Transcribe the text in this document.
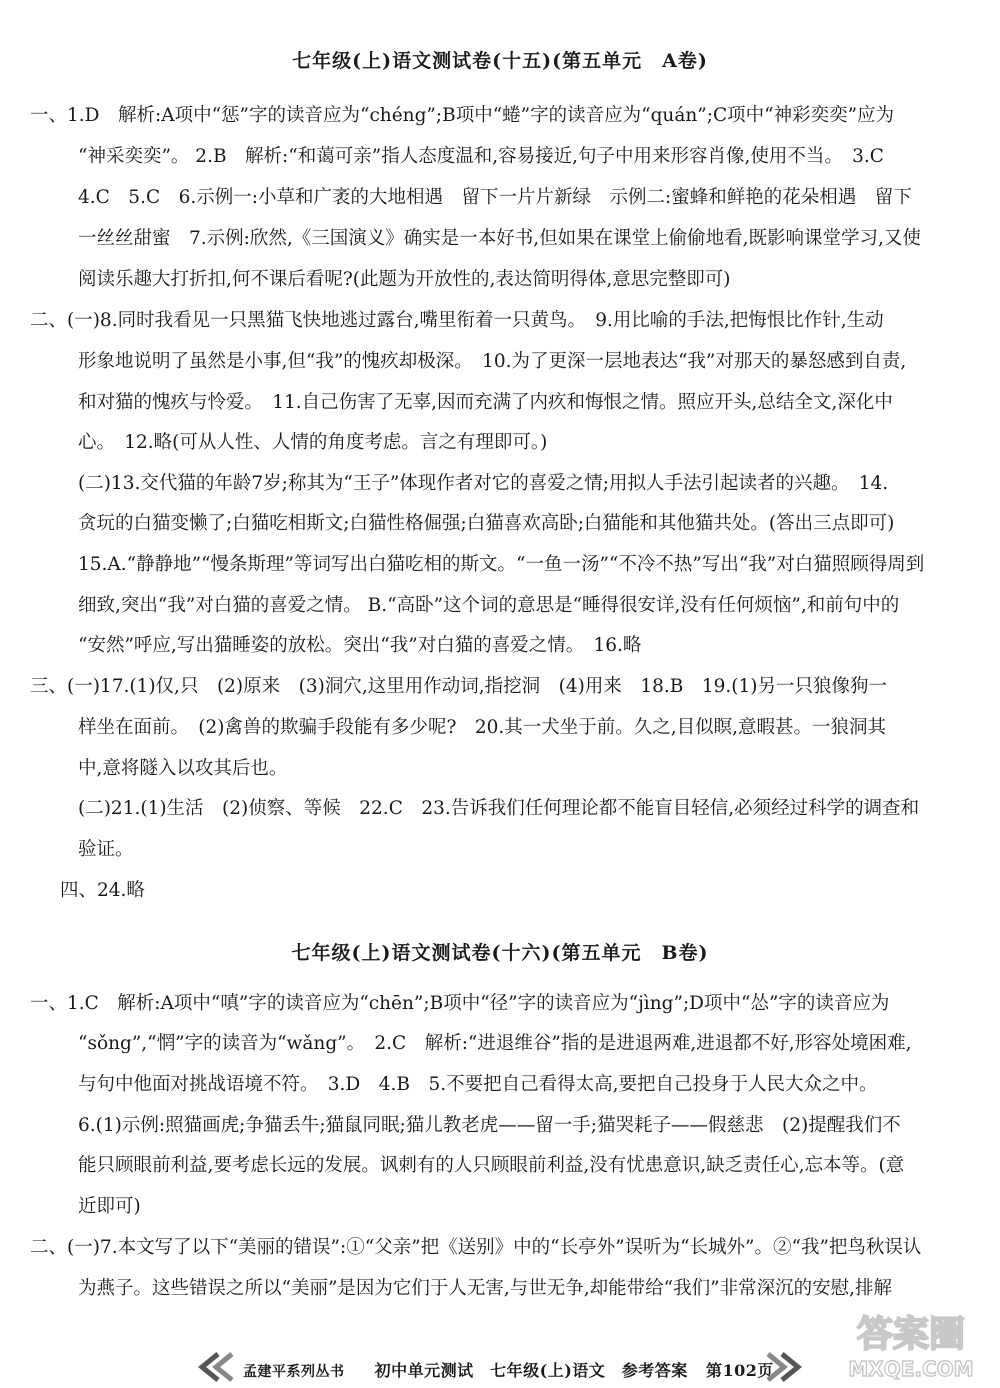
七年级(上)语文测试卷(十五)(第五单元　A卷)
一、1.D　解析:A项中“惩”字的读音应为“chéng”;B项中“蜷”字的读音应为“quán”;C项中“神彩奕奕”应为
“神采奕奕”。 2.B　解析:“和蔼可亲”指人态度温和,容易接近,句子中用来形容肖像,使用不当。　3.C
4.C　5.C　6.示例一:小草和广袤的大地相遇　留下一片片新绿　示例二:蜜蜂和鲜艳的花朵相遇　留下
一丝丝甜蜜　7.示例:欣然,《三国演义》确实是一本好书,但如果在课堂上偷偷地看,既影响课堂学习,又使
阅读乐趣大打折扣,何不课后看呢?(此题为开放性的,表达简明得体,意思完整即可)
二、(一)8.同时我看见一只黑猫飞快地逃过露台,嘴里衔着一只黄鸟。　9.用比喻的手法,把悔恨比作针,生动
形象地说明了虽然是小事,但“我”的愧疚却极深。　10.为了更深一层地表达“我”对那天的暴怒感到自责,
和对猫的愧疚与怜爱。　11.自己伤害了无辜,因而充满了内疚和悔恨之情。照应开头,总结全文,深化中
心。　12.略(可从人性、人情的角度考虑。言之有理即可。)
(二)13.交代猫的年龄7岁;称其为“王子”体现作者对它的喜爱之情;用拟人手法引起读者的兴趣。　14.
贪玩的白猫变懒了;白猫吃相斯文;白猫性格倔强;白猫喜欢高卧;白猫能和其他猫共处。(答出三点即可)
15.A.“静静地”“慢条斯理”等词写出白猫吃相的斯文。“一鱼一汤”“不冷不热”写出“我”对白猫照顾得周到
细致,突出“我”对白猫的喜爱之情。 B.“高卧”这个词的意思是“睡得很安详,没有任何烦恼”,和前句中的
“安然”呼应,写出猫睡姿的放松。突出“我”对白猫的喜爱之情。　16.略
三、(一)17.(1)仅,只　(2)原来　(3)洞穴,这里用作动词,指挖洞　(4)用来　18.B　19.(1)另一只狼像狗一
样坐在面前。　(2)禽兽的欺骗手段能有多少呢?　20.其一犬坐于前。久之,目似瞑,意暇甚。一狼洞其
中,意将隧入以攻其后也。
(二)21.(1)生活　(2)侦察、等候　22.C　23.告诉我们任何理论都不能盲目轻信,必须经过科学的调查和
验证。
四、24.略
七年级(上)语文测试卷(十六)(第五单元　B卷)
一、1.C　解析:A项中“嗔”字的读音应为“chēn”;B项中“径”字的读音应为“jìng”;D项中“怂”字的读音应为
“sǒng”,“惘”字的读音为“wǎng”。　2.C　解析:“进退维谷”指的是进退两难,进退都不好,形容处境困难,
与句中他面对挑战语境不符。　3.D　4.B　5.不要把自己看得太高,要把自己投身于人民大众之中。
6.(1)示例:照猫画虎;争猫丢牛;猫鼠同眠;猫儿教老虎——留一手;猫哭耗子——假慈悲　(2)提醒我们不
能只顾眼前利益,要考虑长远的发展。讽刺有的人只顾眼前利益,没有忧患意识,缺乏责任心,忘本等。(意
近即可)
二、(一)7.本文写了以下“美丽的错误”:①“父亲”把《送别》中的“长亭外”误听为“长城外”。②“我”把鸟秋误认
为燕子。这些错误之所以“美丽”是因为它们于人无害,与世无争,却能带给“我们”非常深沉的安慰,排解
孟建平系列丛书 初中单元测试　七年级(上)语文　参考答案 第102页
答案圈
MXQE.COM
